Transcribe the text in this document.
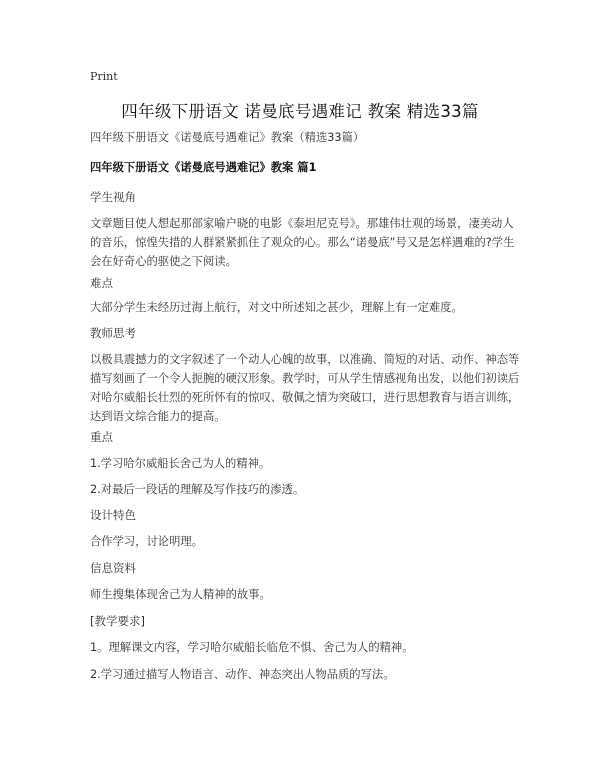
Print
四年级下册语文 诺曼底号遇难记 教案 精选33篇
四年级下册语文《诺曼底号遇难记》教案（精选33篇）
四年级下册语文《诺曼底号遇难记》教案 篇1
学生视角
文章题目使人想起那部家喻户晓的电影《泰坦尼克号》。那雄伟壮观的场景，凄美动人的音乐，惊惶失措的人群紧紧抓住了观众的心。那么“诺曼底”号又是怎样遇难的?学生会在好奇心的驱使之下阅读。
难点
大部分学生未经历过海上航行，对文中所述知之甚少，理解上有一定难度。
教师思考
以极具震撼力的文字叙述了一个动人心魄的故事，以准确、简短的对话、动作、神态等描写刻画了一个令人扼腕的硬汉形象。教学时，可从学生情感视角出发，以他们初读后对哈尔威船长壮烈的死所怀有的惊叹、敬佩之情为突破口，进行思想教育与语言训练，达到语文综合能力的提高。
重点
1.学习哈尔威船长舍己为人的精神。
2.对最后一段话的理解及写作技巧的渗透。
设计特色
合作学习，讨论明理。
信息资料
师生搜集体现舍己为人精神的故事。
[教学要求]
1。理解课文内容，学习哈尔威船长临危不惧、舍己为人的精神。
2.学习通过描写人物语言、动作、神态突出人物品质的写法。
